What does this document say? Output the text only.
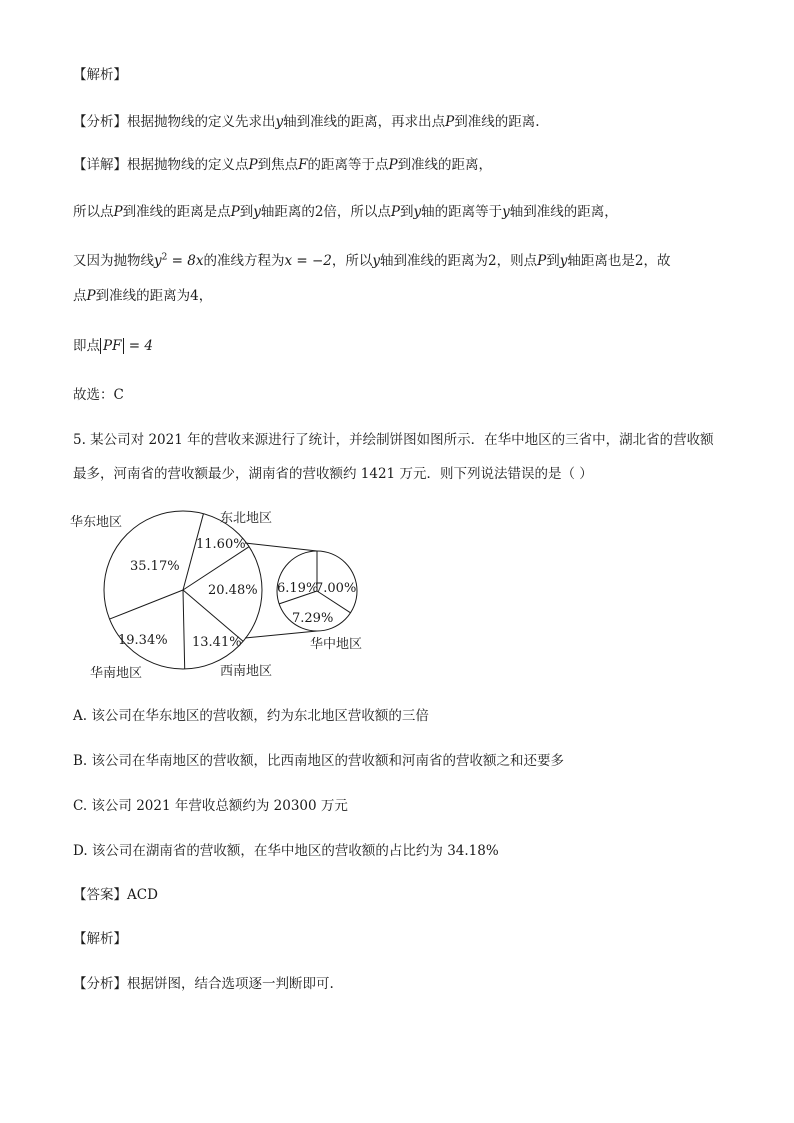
【解析】
【分析】根据抛物线的定义先求出y轴到准线的距离，再求出点P到准线的距离.
【详解】根据抛物线的定义点P到焦点F的距离等于点P到准线的距离，
所以点P到准线的距离是点P到y轴距离的2倍，所以点P到y轴的距离等于y轴到准线的距离，
又因为抛物线$y^2 = 8x$的准线方程为x = −2，所以y轴到准线的距离为2，则点P到y轴距离也是2，故
点P到准线的距离为4，
即点 PF = 4
故选：C
5. 某公司对 2021 年的营收来源进行了统计，并绘制饼图如图所示．在华中地区的三省中，湖北省的营收额
最多，河南省的营收额最少，湖南省的营收额约 1421 万元．则下列说法错误的是（ ）
华东地区	东北地区
华中地区
西南地区
华南地区
35.17%
11.60%
20.48%
13.41%
19.34%
6.19%
7.00%
7.29%
A. 该公司在华东地区的营收额，约为东北地区营收额的三倍
B. 该公司在华南地区的营收额，比西南地区的营收额和河南省的营收额之和还要多
C. 该公司 2021 年营收总额约为 20300 万元
D. 该公司在湖南省的营收额，在华中地区的营收额的占比约为 34.18%
【答案】ACD
【解析】
【分析】根据饼图，结合选项逐一判断即可.
